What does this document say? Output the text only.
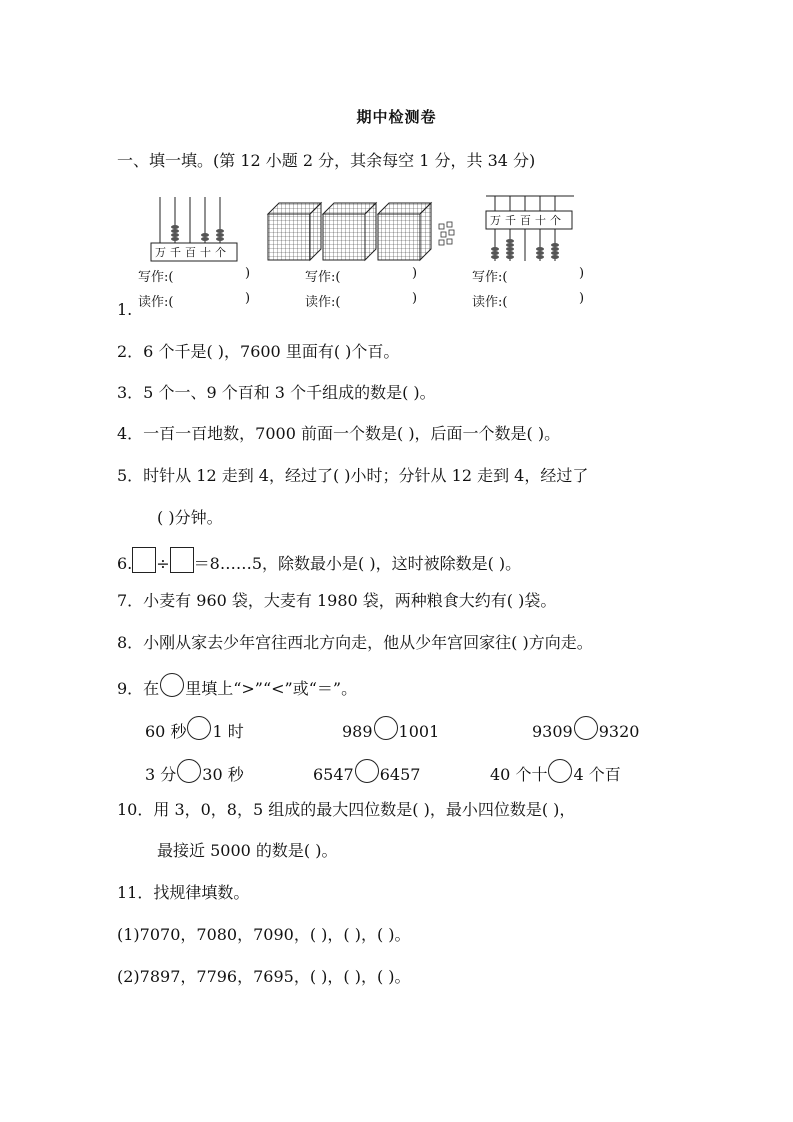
期中检测卷
一、填一填。(第 12 小题 2 分，其余每空 1 分，共 34 分)
万 千 百 十 个
万 千 百 十 个
写作:(	)
读作:(	)
写作:(	)
读作:(	)
写作:(	)
读作:(	)
1.
2．6 个千是( )，7600 里面有( )个百。
3．5 个一、9 个百和 3 个千组成的数是( )。
4．一百一百地数，7000 前面一个数是( )，后面一个数是( )。
5．时针从 12 走到 4，经过了( )小时；分针从 12 走到 4，经过了
( )分钟。
6. ÷ ＝8……5，除数最小是( )，这时被除数是( )。
7．小麦有 960 袋，大麦有 1980 袋，两种粮食大约有( )袋。
8．小刚从家去少年宫往西北方向走，他从少年宫回家往( )方向走。
9．在 里填上“>”“<”或“＝”。
60 秒 1 时	989 1001	9309 9320
3 分 30 秒	6547 6457	40 个十 4 个百
10．用 3，0，8，5 组成的最大四位数是( )，最小四位数是( )，
最接近 5000 的数是( )。
11．找规律填数。
(1)7070，7080，7090，( )，( )，( )。
(2)7897，7796，7695，( )，( )，( )。
